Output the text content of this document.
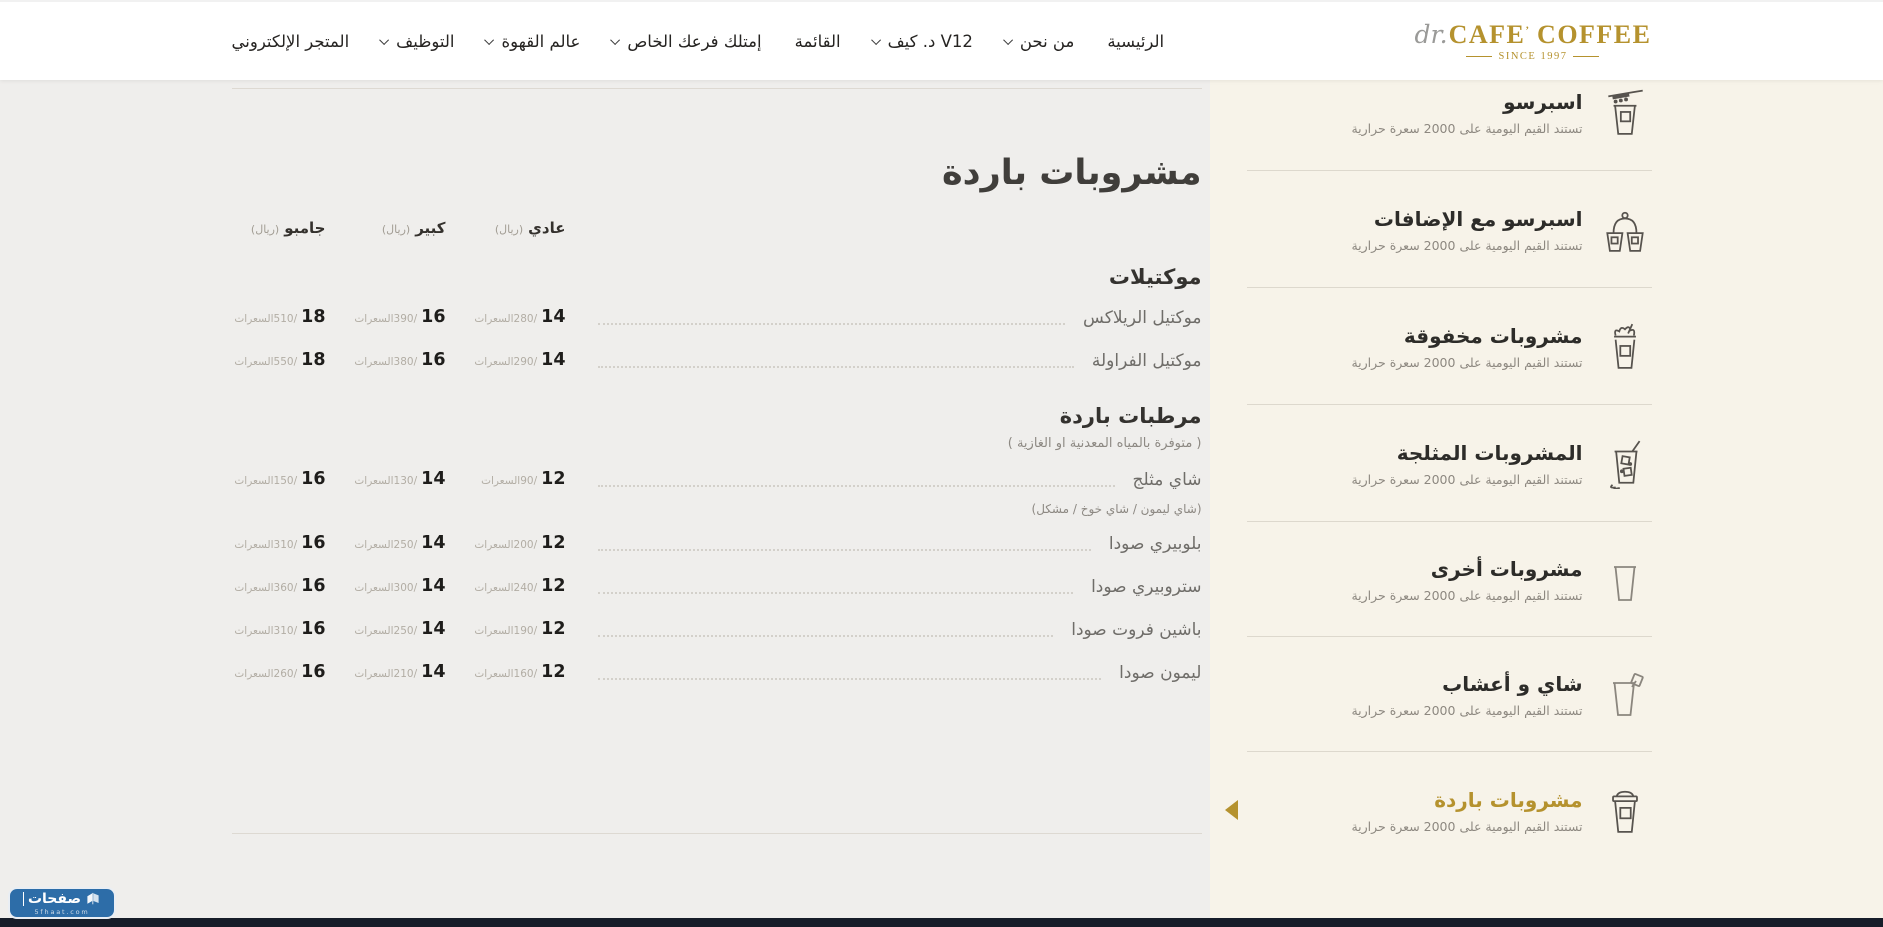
dr. CAFE’ COFFEE
SINCE 1997
الرئيسية
من نحن
V12 د. كيف
القائمة
إمتلك فرعك الخاص
عالم القهوة
التوظيف
المتجر الإلكتروني
اسبرسو
تستند القيم اليومية على 2000 سعرة حرارية
اسبرسو مع الإضافات
تستند القيم اليومية على 2000 سعرة حرارية
مشروبات مخفوقة
تستند القيم اليومية على 2000 سعرة حرارية
المشروبات المثلجة
تستند القيم اليومية على 2000 سعرة حرارية
مشروبات أخرى
تستند القيم اليومية على 2000 سعرة حرارية
شاي و أعشاب
تستند القيم اليومية على 2000 سعرة حرارية
مشروبات باردة
تستند القيم اليومية على 2000 سعرة حرارية
مشروبات باردة
عادي
(ريال)
كبير
(ريال)
جامبو
(ريال)
موكتيلات
موكتيل الريلاكس
14
/280السعرات
16
/390السعرات
18
/510السعرات
موكتيل الفراولة
14
/290السعرات
16
/380السعرات
18
/550السعرات
مرطبات باردة
( متوفرة بالمياه المعدنية او الغازية )
شاي مثلج
(شاي ليمون / شاي خوخ / مشكل)
12
/90السعرات
14
/130السعرات
16
/150السعرات
بلوبيري صودا
12
/200السعرات
14
/250السعرات
16
/310السعرات
ستروبيري صودا
12
/240السعرات
14
/300السعرات
16
/360السعرات
باشين فروت صودا
12
/190السعرات
14
/250السعرات
16
/310السعرات
ليمون صودا
12
/160السعرات
14
/210السعرات
16
/260السعرات
صفحات
5fhaat.com
